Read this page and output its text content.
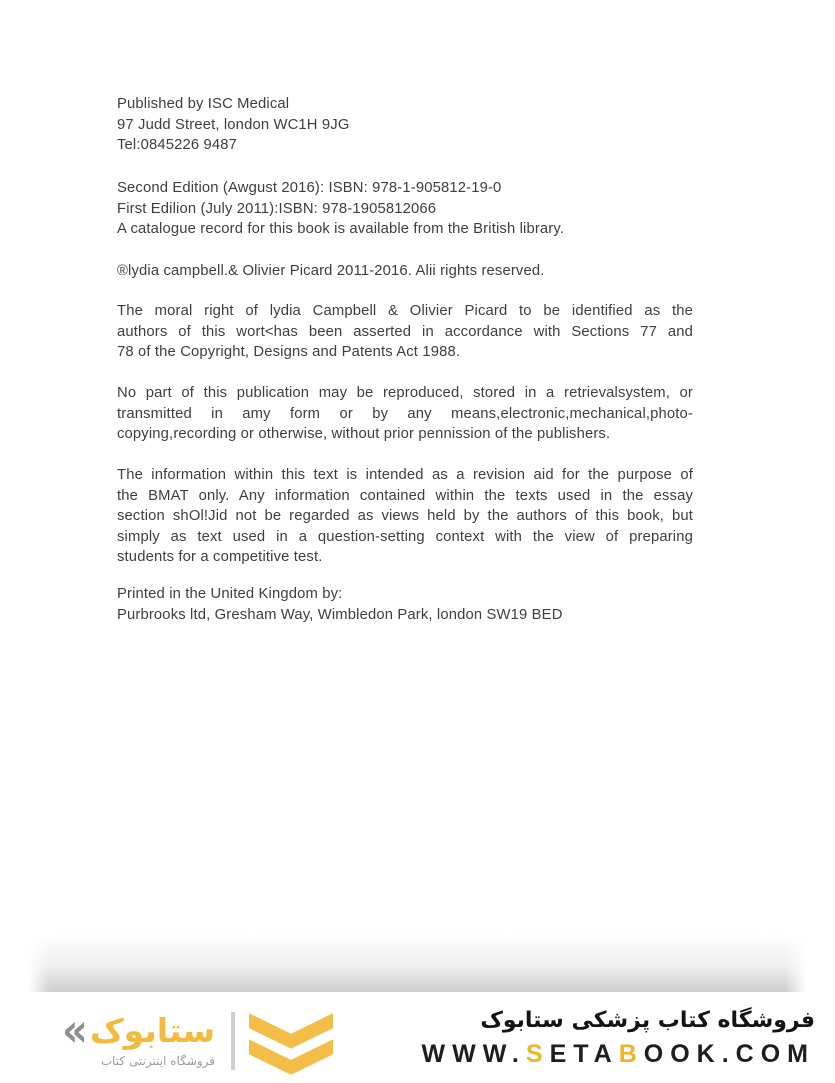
Published by ISC Medical
97 Judd Street, london WC1H 9JG
Tel:0845226 9487
Second Edition (Awgust 2016): ISBN: 978-1-905812-19-0
First Edilion (July 2011):ISBN: 978-1905812066
A catalogue record for this book is available from the British library.
®lydia campbell.& Olivier Picard 2011-2016. Alii rights reserved.
The moral right of lydia Campbell & Olivier Picard to be identified as the
authors of this wort<has been asserted in accordance with Sections 77 and
78 of the Copyright, Designs and Patents Act 1988.
No part of this publication may be reproduced, stored in a retrievalsystem, or
transmitted in amy form or by any means,electronic,mechanical,photo-
copying,recording or otherwise, without prior pennission of the publishers.
The information within this text is intended as a revision aid for the purpose of
the BMAT only. Any information contained within the texts used in the essay
section shOl!Jid not be regarded as views held by the authors of this book, but
simply as text used in a question-setting context with the view of preparing
students for a competitive test.
Printed in the United Kingdom by:
Purbrooks ltd, Gresham Way, Wimbledon Park, london SW19 BED
« ستابوک
فروشگاه اینترنتی کتاب
فروشگاه کتاب پزشکی ستابوک
WWW.SETABOOK.COM
